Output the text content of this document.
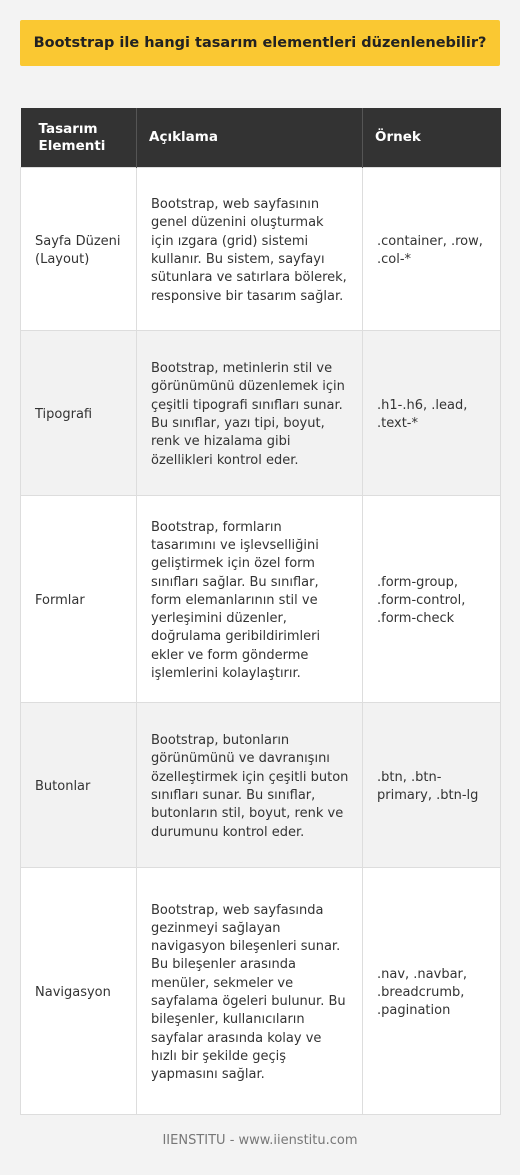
Bootstrap ile hangi tasarım elementleri düzenlenebilir?
Tasarım Elementi	Açıklama	Örnek
Sayfa Düzeni (Layout)	Bootstrap, web sayfasının genel düzenini oluşturmak için ızgara (grid) sistemi kullanır. Bu sistem, sayfayı sütunlara ve satırlara bölerek, responsive bir tasarım sağlar.	.container, .row, .col-*
Tipografi	Bootstrap, metinlerin stil ve görünümünü düzenlemek için çeşitli tipografi sınıfları sunar. Bu sınıflar, yazı tipi, boyut, renk ve hizalama gibi özellikleri kontrol eder.	.h1-.h6, .lead, .text-*
Formlar	Bootstrap, formların tasarımını ve işlevselliğini geliştirmek için özel form sınıfları sağlar. Bu sınıflar, form elemanlarının stil ve yerleşimini düzenler, doğrulama geribildirimleri ekler ve form gönderme işlemlerini kolaylaştırır.	.form-group, .form-control, .form-check
Butonlar	Bootstrap, butonların görünümünü ve davranışını özelleştirmek için çeşitli buton sınıfları sunar. Bu sınıflar, butonların stil, boyut, renk ve durumunu kontrol eder.	.btn, .btn-primary, .btn-lg
Navigasyon	Bootstrap, web sayfasında gezinmeyi sağlayan navigasyon bileşenleri sunar. Bu bileşenler arasında menüler, sekmeler ve sayfalama ögeleri bulunur. Bu bileşenler, kullanıcıların sayfalar arasında kolay ve hızlı bir şekilde geçiş yapmasını sağlar.	.nav, .navbar, .breadcrumb, .pagination
IIENSTITU - www.iienstitu.com
